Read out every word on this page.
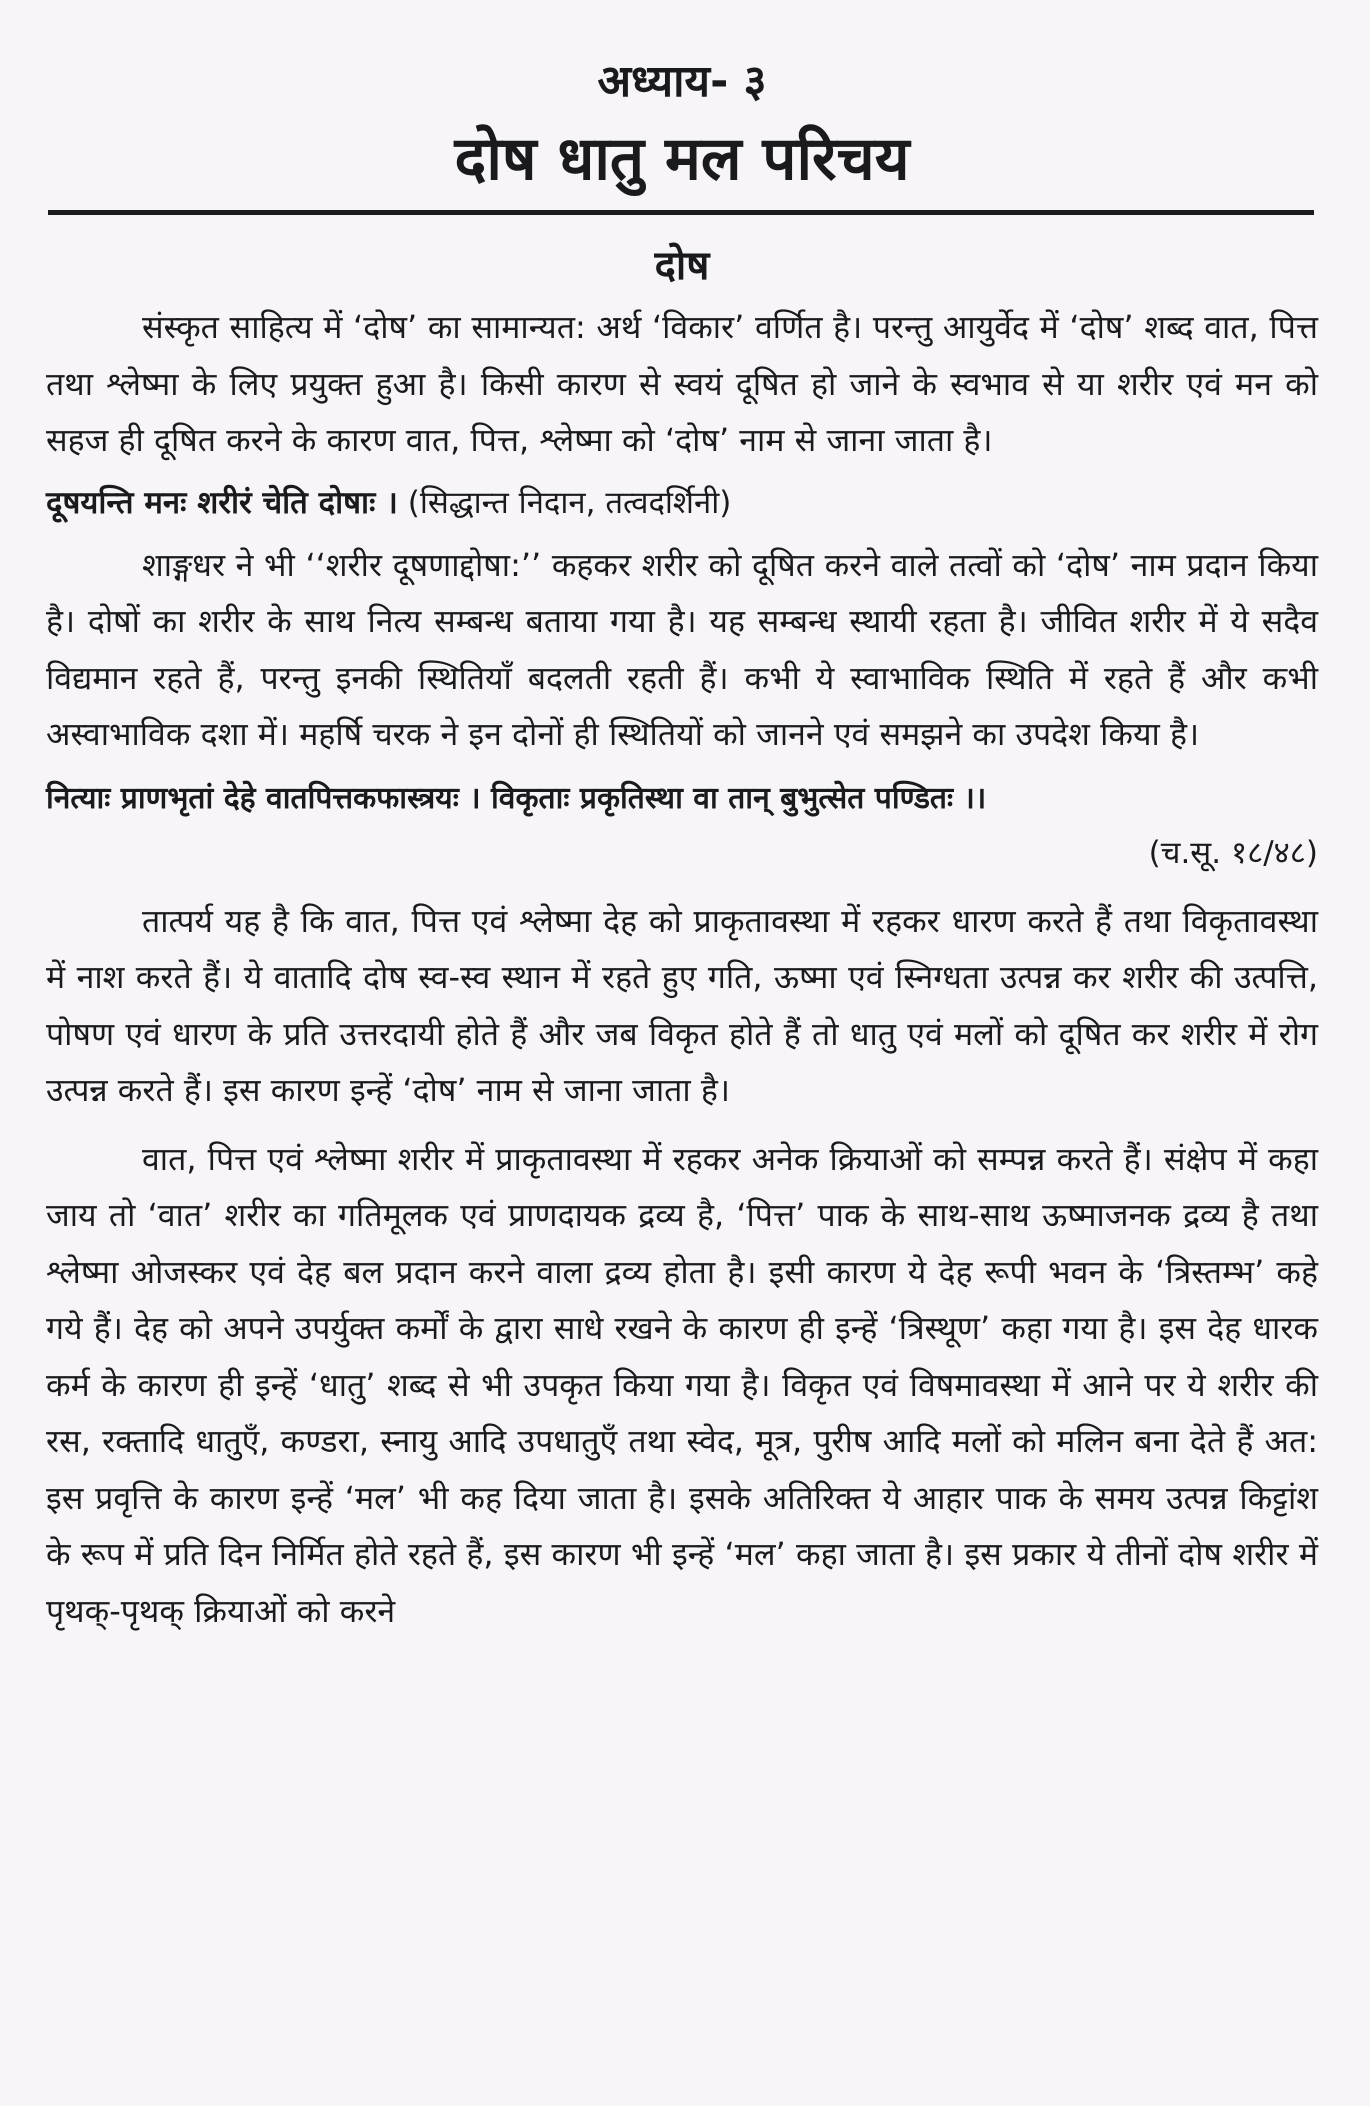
अध्याय- ३
दोष धातु मल परिचय
दोष

संस्कृत साहित्य में ‘दोष’ का सामान्यत: अर्थ ‘विकार’ वर्णित है। परन्तु आयुर्वेद में ‘दोष’ शब्द वात, पित्त तथा श्लेष्मा के लिए प्रयुक्त हुआ है। किसी कारण से स्वयं दूषित हो जाने के स्वभाव से या शरीर एवं मन को सहज ही दूषित करने के कारण वात, पित्त, श्लेष्मा को ‘दोष’ नाम से जाना जाता है।

दूषयन्ति मनः शरीरं चेति दोषाः । (सिद्धान्त निदान, तत्वदर्शिनी)

शाङ्गधर ने भी ‘‘शरीर दूषणाद्दोषा:’’ कहकर शरीर को दूषित करने वाले तत्वों को ‘दोष’ नाम प्रदान किया है। दोषों का शरीर के साथ नित्य सम्बन्ध बताया गया है। यह सम्बन्ध स्थायी रहता है। जीवित शरीर में ये सदैव विद्यमान रहते हैं, परन्तु इनकी स्थितियाँ बदलती रहती हैं। कभी ये स्वाभाविक स्थिति में रहते हैं और कभी अस्वाभाविक दशा में। महर्षि चरक ने इन दोनों ही स्थितियों को जानने एवं समझने का उपदेश किया है।

नित्याः प्राणभृतां देहे वातपित्तकफास्त्रयः । विकृताः प्रकृतिस्था वा तान् बुभुत्सेत पण्डितः ।।
(च.सू. १८/४८)

तात्पर्य यह है कि वात, पित्त एवं श्लेष्मा देह को प्राकृतावस्था में रहकर धारण करते हैं तथा विकृतावस्था में नाश करते हैं। ये वातादि दोष स्व-स्व स्थान में रहते हुए गति, ऊष्मा एवं स्निग्धता उत्पन्न कर शरीर की उत्पत्ति, पोषण एवं धारण के प्रति उत्तरदायी होते हैं और जब विकृत होते हैं तो धातु एवं मलों को दूषित कर शरीर में रोग उत्पन्न करते हैं। इस कारण इन्हें ‘दोष’ नाम से जाना जाता है।

वात, पित्त एवं श्लेष्मा शरीर में प्राकृतावस्था में रहकर अनेक क्रियाओं को सम्पन्न करते हैं। संक्षेप में कहा जाय तो ‘वात’ शरीर का गतिमूलक एवं प्राणदायक द्रव्य है, ‘पित्त’ पाक के साथ-साथ ऊष्माजनक द्रव्य है तथा श्लेष्मा ओजस्कर एवं देह बल प्रदान करने वाला द्रव्य होता है। इसी कारण ये देह रूपी भवन के ‘त्रिस्तम्भ’ कहे गये हैं। देह को अपने उपर्युक्त कर्मों के द्वारा साधे रखने के कारण ही इन्हें ‘त्रिस्थूण’ कहा गया है। इस देह धारक कर्म के कारण ही इन्हें ‘धातु’ शब्द से भी उपकृत किया गया है। विकृत एवं विषमावस्था में आने पर ये शरीर की रस, रक्तादि धातुएँ, कण्डरा, स्नायु आदि उपधातुएँ तथा स्वेद, मूत्र, पुरीष आदि मलों को मलिन बना देते हैं अत: इस प्रवृत्ति के कारण इन्हें ‘मल’ भी कह दिया जाता है। इसके अतिरिक्त ये आहार पाक के समय उत्पन्न किट्टांश के रूप में प्रति दिन निर्मित होते रहते हैं, इस कारण भी इन्हें ‘मल’ कहा जाता है। इस प्रकार ये तीनों दोष शरीर में पृथक्-पृथक् क्रियाओं को करने
